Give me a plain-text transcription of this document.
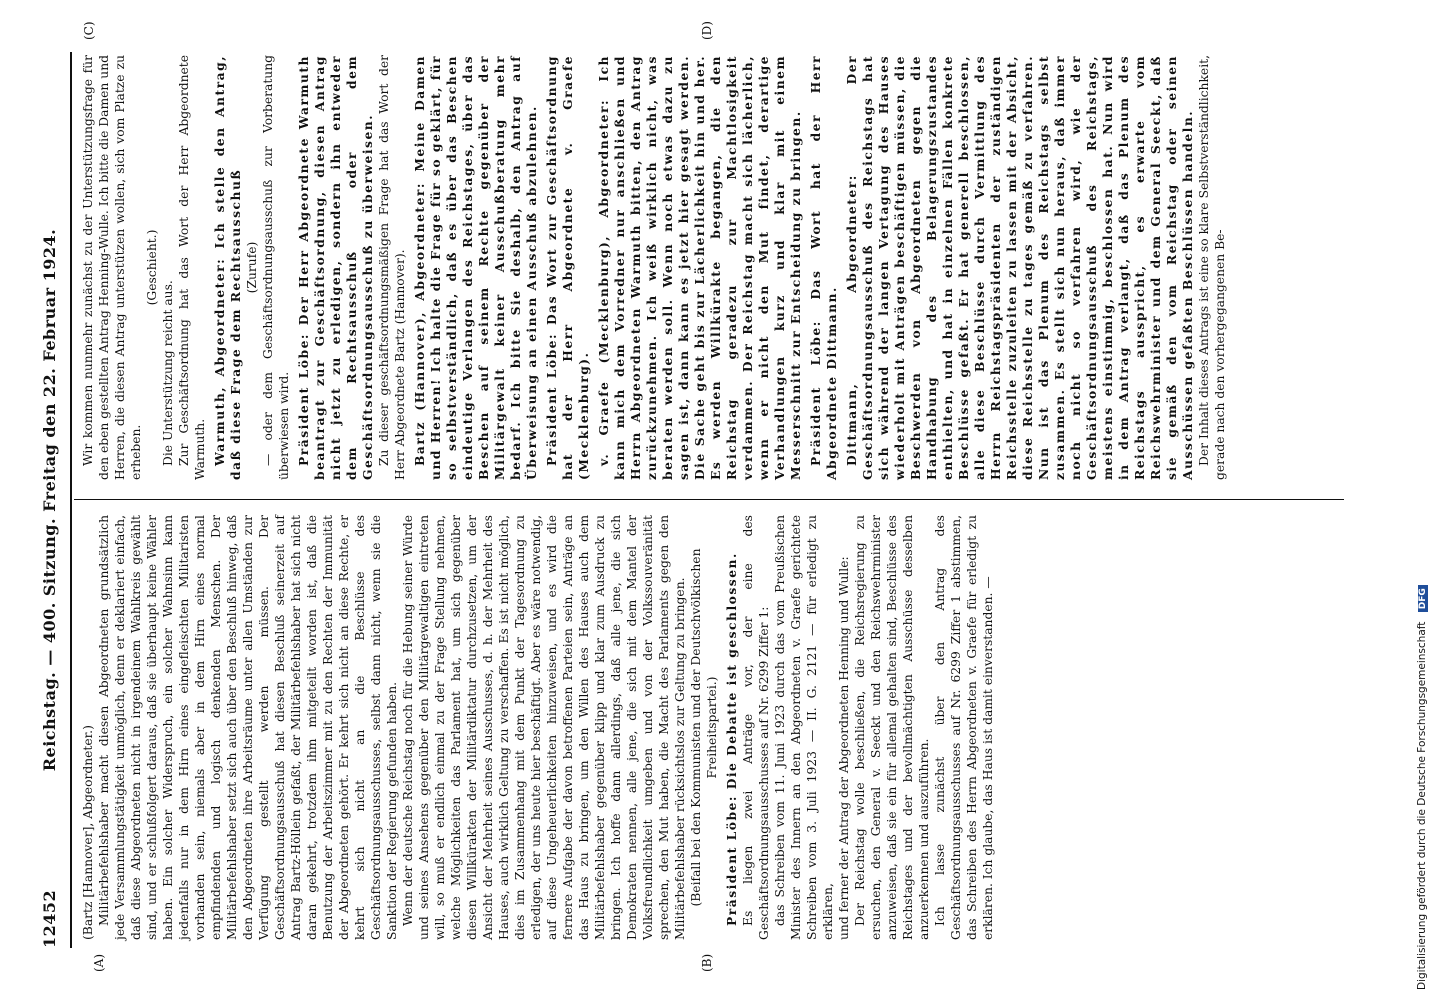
12452
Reichstag. — 400. Sitzung. Freitag den 22. Februar 1924.
(A)	(B)
(C)	(D)

(Bartz [Hannover], Abgeordneter.) Militärbefehlshaber macht diesen Abgeordneten grundsätzlich jede Versammlungstätigkeit unmöglich, denn er deklariert einfach, daß diese Abgeordneten nicht in irgendeinem Wahlkreis gewählt sind, und er schlußfolgert daraus, daß sie überhaupt keine Wähler haben. Ein solcher Widerspruch, ein solcher Wahnsinn kann jedenfalls nur in dem Hirn eines eingefleischten Militaristen vorhanden sein, niemals aber in dem Hirn eines normal empfindenden und logisch denkenden Menschen. Der Militärbefehlshaber setzt sich auch über den Beschluß hinweg, daß den Abgeordneten ihre Arbeitsräume unter allen Umständen zur Verfügung gestellt werden müssen. Der Geschäftsordnungsausschuß hat diesen Beschluß seinerzeit auf Antrag Bartz-Höllein gefaßt, der Militärbefehlshaber hat sich nicht daran gekehrt, trotzdem ihm mitgeteilt worden ist, daß die Benutzung der Arbeitszimmer mit zu den Rechten der Immunität der Abgeordneten gehört. Er kehrt sich nicht an diese Rechte, er kehrt sich nicht an die Beschlüsse des Geschäftsordnungsausschusses, selbst dann nicht, wenn sie die Sanktion der Regierung gefunden haben. Wenn der deutsche Reichstag noch für die Hebung seiner Würde und seines Ansehens gegenüber den Militärgewaltigen eintreten will, so muß er endlich einmal zu der Frage Stellung nehmen, welche Möglichkeiten das Parlament hat, um sich gegenüber diesen Willkürakten der Militärdiktatur durchzusetzen, um der Ansicht der Mehrheit seines Ausschusses, d. h. der Mehrheit des Hauses, auch wirklich Geltung zu verschaffen. Es ist nicht möglich, dies im Zusammenhang mit dem Punkt der Tagesordnung zu erledigen, der uns heute hier beschäftigt. Aber es wäre notwendig, auf diese Ungeheuerlichkeiten hinzuweisen, und es wird die fernere Aufgabe der davon betroffenen Parteien sein, Anträge an das Haus zu bringen, um den Willen des Hauses auch dem Militärbefehlshaber gegenüber klipp und klar zum Ausdruck zu bringen. Ich hoffe dann allerdings, daß alle jene, die sich Demokraten nennen, alle jene, die sich mit dem Mantel der Volksfreundlichkeit umgeben und von der Volkssouveränität sprechen, den Mut haben, die Macht des Parlaments gegen den Militärbefehlshaber rücksichtslos zur Geltung zu bringen. (Beifall bei den Kommunisten und der Deutschvölkischen Freiheitspartei.) Präsident Löbe: Die Debatte ist geschlossen. Es liegen zwei Anträge vor, der eine des Geschäftsordnungsausschusses auf Nr. 6299 Ziffer 1: das Schreiben vom 11. Juni 1923 durch das vom Preußischen Minister des Innern an den Abgeordneten v. Graefe gerichtete Schreiben vom 3. Juli 1923 — II. G. 2121 — für erledigt zu erklären, und ferner der Antrag der Abgeordneten Henning und Wulle: Der Reichstag wolle beschließen, die Reichsregierung zu ersuchen, den General v. Seeckt und den Reichswehrminister anzuweisen, daß sie ein für allemal gehalten sind, Beschlüsse des Reichstages und der bevollmächtigten Ausschüsse desselben anzuerkennen und auszuführen. Ich lasse zunächst über den Antrag des Geschäftsordnungsausschusses auf Nr. 6299 Ziffer 1 abstimmen, das Schreiben des Herrn Abgeordneten v. Graefe für erledigt zu erklären. Ich glaube, das Haus ist damit einverstanden. —

Wir kommen nunmehr zunächst zu der Unterstützungsfrage für den eben gestellten Antrag Henning-Wulle. Ich bitte die Damen und Herren, die diesen Antrag unterstützen wollen, sich vom Platze zu erheben.

(Geschieht.)

Die Unterstützung reicht aus. Zur Geschäftsordnung hat das Wort der Herr Abgeordnete Warmuth. Warmuth, Abgeordneter: Ich stelle den Antrag, daß diese Frage dem Rechtsausschuß (Zurufe) — oder dem Geschäftsordnungsausschuß zur Vorberatung überwiesen wird. Präsident Löbe: Der Herr Abgeordnete Warmuth beantragt zur Geschäftsordnung, diesen Antrag nicht jetzt zu erledigen, sondern ihn entweder dem Rechtsausschuß oder dem Geschäftsordnungsausschuß zu überweisen. Zu dieser geschäftsordnungsmäßigen Frage hat das Wort der Herr Abgeordnete Bartz (Hannover). Bartz (Hannover), Abgeordneter: Meine Damen und Herren! Ich halte die Frage für so geklärt, für so selbstverständlich, daß es über das Beschen eindeutige Verlangen des Reichstages, über das Beschen auf seinem Rechte gegenüber der Militärgewalt keiner Ausschußberatung mehr bedarf. Ich bitte Sie deshalb, den Antrag auf Überweisung an einen Ausschuß abzulehnen. Präsident Löbe: Das Wort zur Geschäftsordnung hat der Herr Abgeordnete v. Graefe (Mecklenburg). v. Graefe (Mecklenburg), Abgeordneter: Ich kann mich dem Vorredner nur anschließen und Herrn Abgeordneten Warmuth bitten, den Antrag zurückzunehmen. Ich weiß wirklich nicht, was beraten werden soll. Wenn noch etwas dazu zu sagen ist, dann kann es jetzt hier gesagt werden. Die Sache geht bis zur Lächerlichkeit hin und her. Es werden Willkürakte begangen, die den Reichstag geradezu zur Machtlosigkeit verdammen. Der Reichstag macht sich lächerlich, wenn er nicht den Mut findet, derartige Verhandlungen kurz und klar mit einem Messerschnitt zur Entscheidung zu bringen. Präsident Löbe: Das Wort hat der Herr Abgeordnete Dittmann. Dittmann, Abgeordneter: Der Geschäftsordnungsausschuß des Reichstags hat sich während der langen Vertagung des Hauses wiederholt mit Anträgen beschäftigen müssen, die Beschwerden von Abgeordneten gegen die Handhabung des Belagerungszustandes enthielten, und hat in einzelnen Fällen konkrete Beschlüsse gefaßt. Er hat generell beschlossen, alle diese Beschlüsse durch Vermittlung des Herrn Reichstagspräsidenten der zuständigen Reichsstelle zuzuleiten zu lassen mit der Absicht, diese Reichsstelle zu tages gemäß zu verfahren. Nun ist das Plenum des Reichstags selbst zusammen. Es stellt sich nun heraus, daß immer noch nicht so verfahren wird, wie der Geschäftsordnungsausschuß des Reichstags, meistens einstimmig, beschlossen hat. Nun wird in dem Antrag verlangt, daß das Plenum des Reichstags ausspricht, es erwarte vom Reichswehrminister und dem General Seeckt, daß sie gemäß den vom Reichstag oder seinen Ausschüssen gefaßten Beschlüssen handeln. Der Inhalt dieses Antrags ist eine so klare Selbstverständlichkeit, gerade nach den vorhergegangenen Be-

Digitalisierung gefördert durch die Deutsche Forschungsgemeinschaft DFG
